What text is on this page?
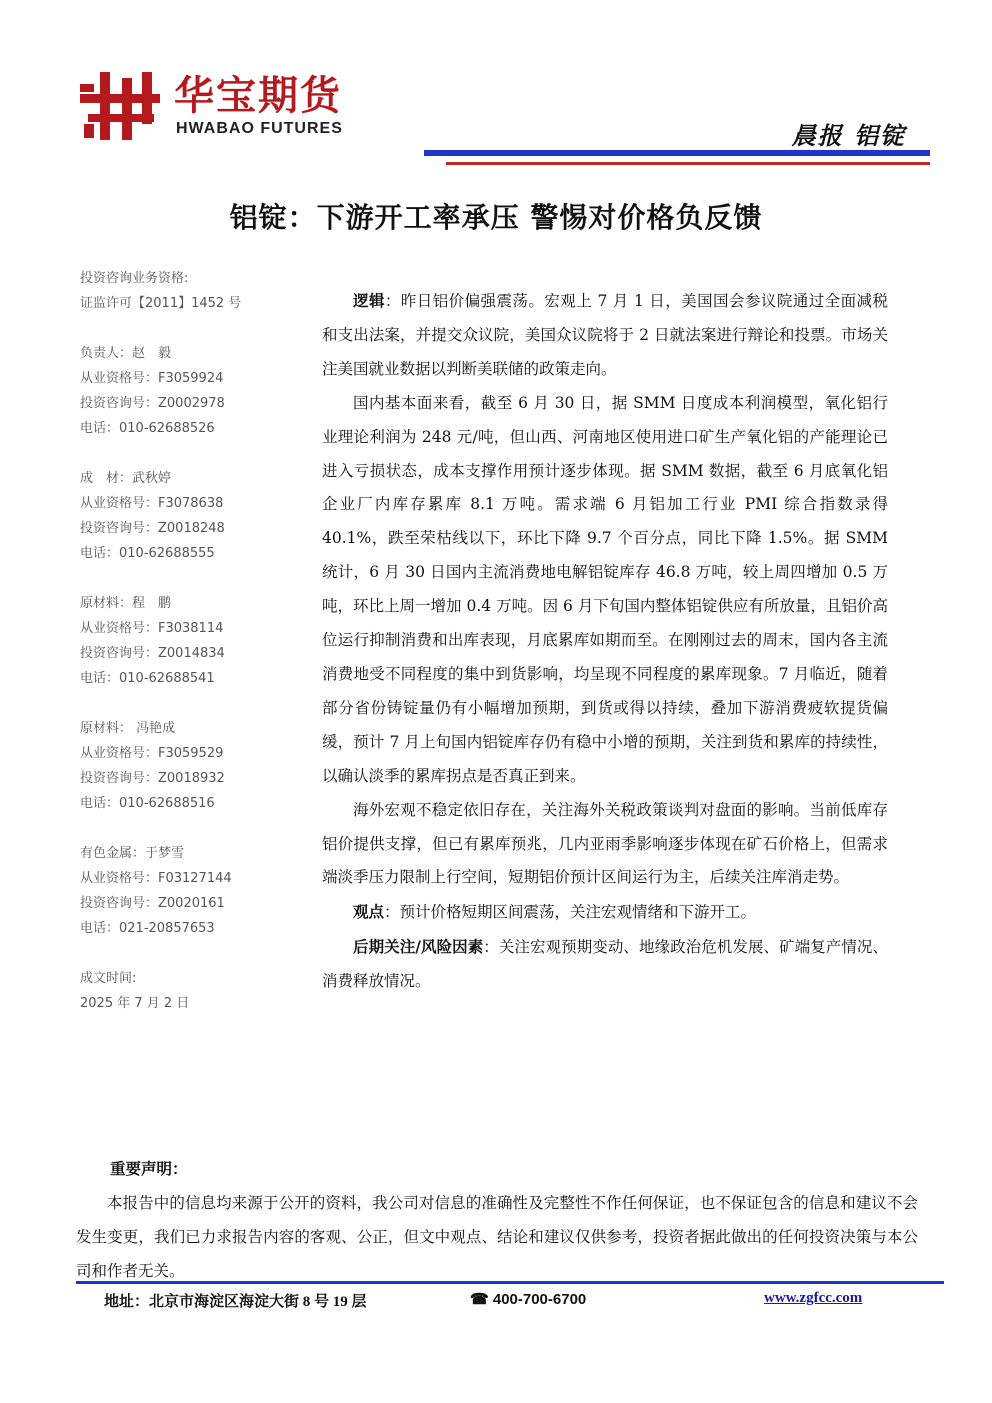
华宝期货
HWABAO FUTURES	晨报 铝锭
铝锭：下游开工率承压 警惕对价格负反馈

投资咨询业务资格:

证监许可【2011】1452 号

负责人：赵　毅

从业资格号：F3059924

投资咨询号：Z0002978

电话：010-62688526

成　材：武秋婷

从业资格号：F3078638

投资咨询号：Z0018248

电话：010-62688555

原材料：程　鹏

从业资格号：F3038114

投资咨询号：Z0014834

电话：010-62688541

原材料： 冯艳成

从业资格号：F3059529

投资咨询号：Z0018932

电话：010-62688516

有色金属：于梦雪

从业资格号：F03127144

投资咨询号：Z0020161

电话：021-20857653

成文时间:

2025 年 7 月 2 日

逻辑：昨日铝价偏强震荡。宏观上 7 月 1 日，美国国会参议院通过全面减税和支出法案，并提交众议院，美国众议院将于 2 日就法案进行辩论和投票。市场关注美国就业数据以判断美联储的政策走向。

国内基本面来看，截至 6 月 30 日，据 SMM 日度成本利润模型，氧化铝行业理论利润为 248 元/吨，但山西、河南地区使用进口矿生产氧化铝的产能理论已进入亏损状态，成本支撑作用预计逐步体现。据 SMM 数据，截至 6 月底氧化铝企业厂内库存累库 8.1 万吨。需求端 6 月铝加工行业 PMI 综合指数录得 40.1%，跌至荣枯线以下，环比下降 9.7 个百分点，同比下降 1.5%。据 SMM 统计，6 月 30 日国内主流消费地电解铝锭库存 46.8 万吨，较上周四增加 0.5 万吨，环比上周一增加 0.4 万吨。因 6 月下旬国内整体铝锭供应有所放量，且铝价高位运行抑制消费和出库表现，月底累库如期而至。在刚刚过去的周末，国内各主流消费地受不同程度的集中到货影响，均呈现不同程度的累库现象。7 月临近，随着部分省份铸锭量仍有小幅增加预期，到货或得以持续，叠加下游消费疲软提货偏缓，预计 7 月上旬国内铝锭库存仍有稳中小增的预期，关注到货和累库的持续性，以确认淡季的累库拐点是否真正到来。

海外宏观不稳定依旧存在，关注海外关税政策谈判对盘面的影响。当前低库存铝价提供支撑，但已有累库预兆，几内亚雨季影响逐步体现在矿石价格上，但需求端淡季压力限制上行空间，短期铝价预计区间运行为主，后续关注库消走势。

观点：预计价格短期区间震荡，关注宏观情绪和下游开工。

后期关注/风险因素：关注宏观预期变动、地缘政治危机发展、矿端复产情况、消费释放情况。

重要声明：

本报告中的信息均来源于公开的资料，我公司对信息的准确性及完整性不作任何保证，也不保证包含的信息和建议不会发生变更，我们已力求报告内容的客观、公正，但文中观点、结论和建议仅供参考，投资者据此做出的任何投资决策与本公司和作者无关。

地址：北京市海淀区海淀大街 8 号 19 层	☎ 400-700-6700	www.zgfcc.com
